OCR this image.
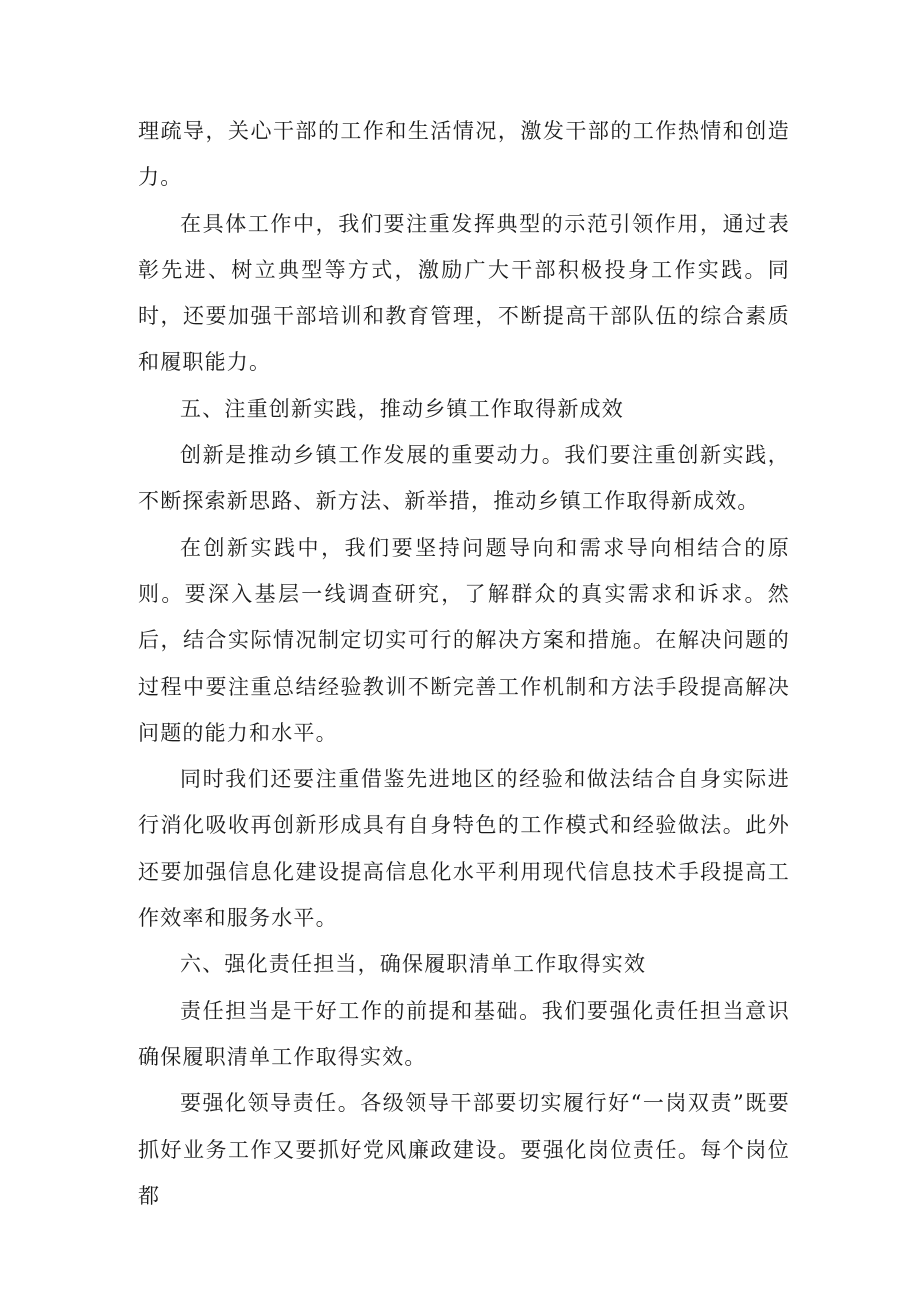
理疏导，关心干部的工作和生活情况，激发干部的工作热情和创造力。

在具体工作中，我们要注重发挥典型的示范引领作用，通过表彰先进、树立典型等方式，激励广大干部积极投身工作实践。同时，还要加强干部培训和教育管理，不断提高干部队伍的综合素质和履职能力。

五、注重创新实践，推动乡镇工作取得新成效

创新是推动乡镇工作发展的重要动力。我们要注重创新实践，不断探索新思路、新方法、新举措，推动乡镇工作取得新成效。

在创新实践中，我们要坚持问题导向和需求导向相结合的原则。要深入基层一线调查研究，了解群众的真实需求和诉求。然后，结合实际情况制定切实可行的解决方案和措施。在解决问题的过程中要注重总结经验教训不断完善工作机制和方法手段提高解决问题的能力和水平。

同时我们还要注重借鉴先进地区的经验和做法结合自身实际进行消化吸收再创新形成具有自身特色的工作模式和经验做法。此外还要加强信息化建设提高信息化水平利用现代信息技术手段提高工作效率和服务水平。

六、强化责任担当，确保履职清单工作取得实效

责任担当是干好工作的前提和基础。我们要强化责任担当意识确保履职清单工作取得实效。

要强化领导责任。各级领导干部要切实履行好“一岗双责”既要抓好业务工作又要抓好党风廉政建设。要强化岗位责任。每个岗位都
